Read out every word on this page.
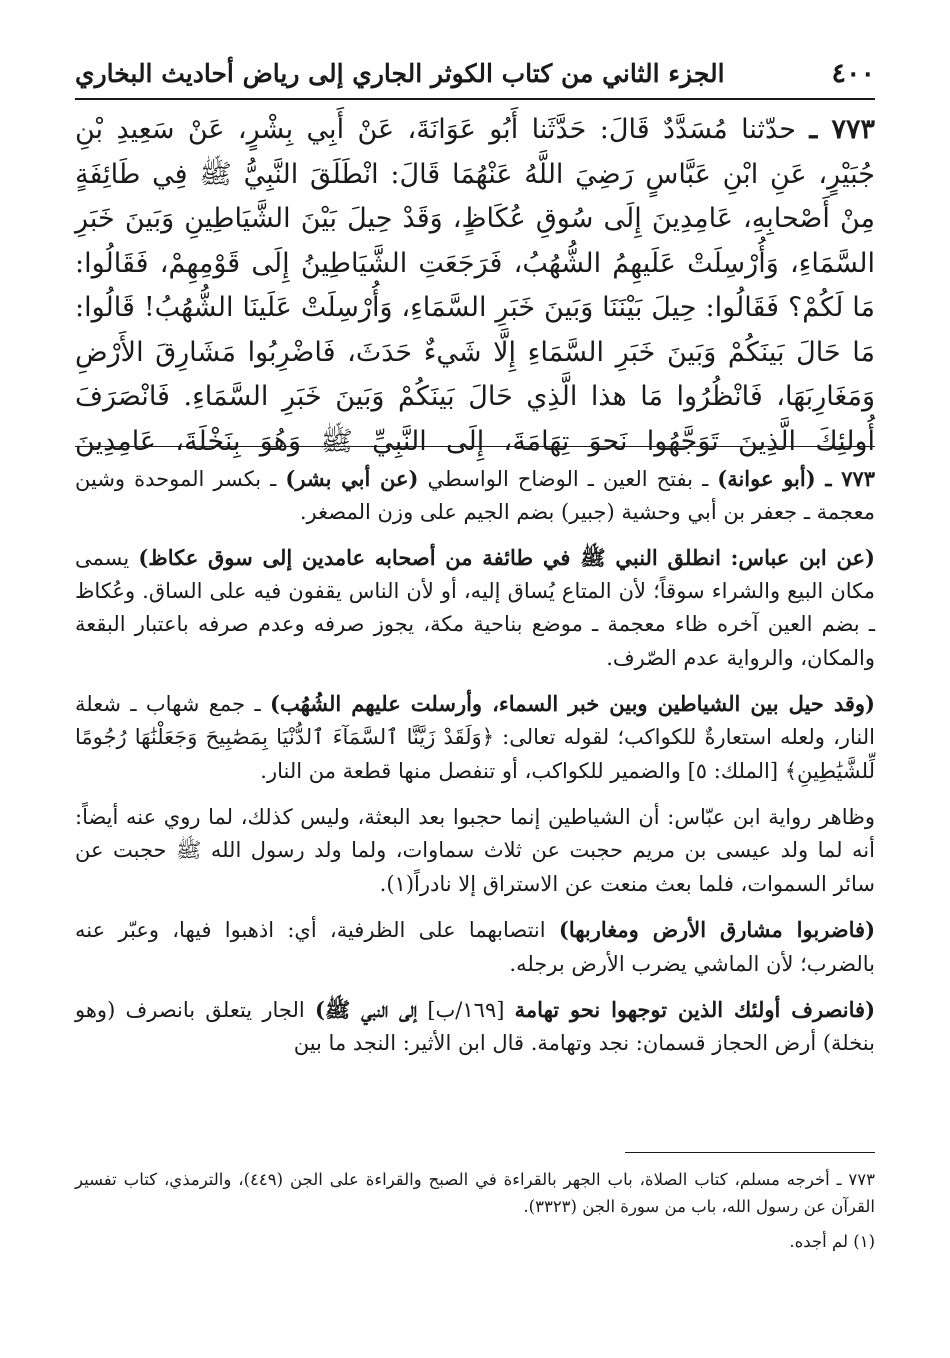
٤٠٠
الجزء الثاني من كتاب الكوثر الجاري إلى رياض أحاديث البخاري

٧٧٣ ـ حدّثنا مُسَدَّدٌ قَالَ: حَدَّثَنا أَبُو عَوَانَةَ، عَنْ أَبِي بِشْرٍ، عَنْ سَعِيدِ بْنِ جُبَيْرٍ، عَنِ ابْنِ عَبَّاسٍ رَضِيَ اللَّهُ عَنْهُمَا قَالَ: انْطَلَقَ النَّبِيُّ ﷺ فِي طَائِفَةٍ مِنْ أَصْحابِهِ، عَامِدِينَ إِلَى سُوقِ عُكَاظٍ، وَقَدْ حِيلَ بَيْنَ الشَّيَاطِينِ وَبَينَ خَبَرِ السَّمَاءِ، وَأُرْسِلَتْ عَلَيهِمُ الشُّهُبُ، فَرَجَعَتِ الشَّيَاطِينُ إِلَى قَوْمِهِمْ، فَقَالُوا: مَا لَكُمْ؟ فَقَالُوا: حِيلَ بَيْنَنَا وَبَينَ خَبَرِ السَّمَاءِ، وَأُرْسِلَتْ عَلَينَا الشُّهُبُ! قَالُوا: مَا حَالَ بَينَكُمْ وَبَينَ خَبَرِ السَّمَاءِ إِلَّا شَيءٌ حَدَثَ، فَاضْرِبُوا مَشَارِقَ الأَرْضِ وَمَغَارِبَهَا، فَانْظُرُوا مَا هذا الَّذِي حَالَ بَينَكُمْ وَبَينَ خَبَرِ السَّمَاءِ. فَانْصَرَفَ أُولئِكَ الَّذِينَ تَوَجَّهُوا نَحوَ تِهَامَةَ، إِلَى النَّبِيِّ ﷺ وَهُوَ بِنَخْلَةَ، عَامِدِينَ

٧٧٣ ـ (أبو عوانة) ـ بفتح العين ـ الوضاح الواسطي (عن أبي بشر) ـ بكسر الموحدة وشين معجمة ـ جعفر بن أبي وحشية (جبير) بضم الجيم على وزن المصغر.

(عن ابن عباس: انطلق النبي ﷺ في طائفة من أصحابه عامدين إلى سوق عكاظ) يسمى مكان البيع والشراء سوقاً؛ لأن المتاع يُساق إليه، أو لأن الناس يقفون فيه على الساق. وعُكاظ ـ بضم العين آخره ظاء معجمة ـ موضع بناحية مكة، يجوز صرفه وعدم صرفه باعتبار البقعة والمكان، والرواية عدم الصّرف.

(وقد حيل بين الشياطين وبين خبر السماء، وأرسلت عليهم الشُهُب) ـ جمع شهاب ـ شعلة النار، ولعله استعارةٌ للكواكب؛ لقوله تعالى: ﴿وَلَقَدْ زَيَّنَّا ٱلسَّمَآءَ ٱلدُّنْيَا بِمَصَٰبِيحَ وَجَعَلْنَٰهَا رُجُومًا لِّلشَّيَٰطِينِ﴾ [الملك: ٥] والضمير للكواكب، أو تنفصل منها قطعة من النار.

وظاهر رواية ابن عبّاس: أن الشياطين إنما حجبوا بعد البعثة، وليس كذلك، لما روي عنه أيضاً: أنه لما ولد عيسى بن مريم حجبت عن ثلاث سماوات، ولما ولد رسول الله ﷺ حجبت عن سائر السموات، فلما بعث منعت عن الاستراق إلا نادراً(١).

(فاضربوا مشارق الأرض ومغاربها) انتصابهما على الظرفية، أي: اذهبوا فيها، وعبّر عنه بالضرب؛ لأن الماشي يضرب الأرض برجله.

(فانصرف أولئك الذين توجهوا نحو تهامة [١٦٩/ب] إلى النبي ﷺ) الجار يتعلق بانصرف (وهو بنخلة) أرض الحجاز قسمان: نجد وتهامة. قال ابن الأثير: النجد ما بين

٧٧٣ ـ أخرجه مسلم، كتاب الصلاة، باب الجهر بالقراءة في الصبح والقراءة على الجن (٤٤٩)، والترمذي، كتاب تفسير القرآن عن رسول الله، باب من سورة الجن (٣٣٢٣).

(١) لم أجده.
